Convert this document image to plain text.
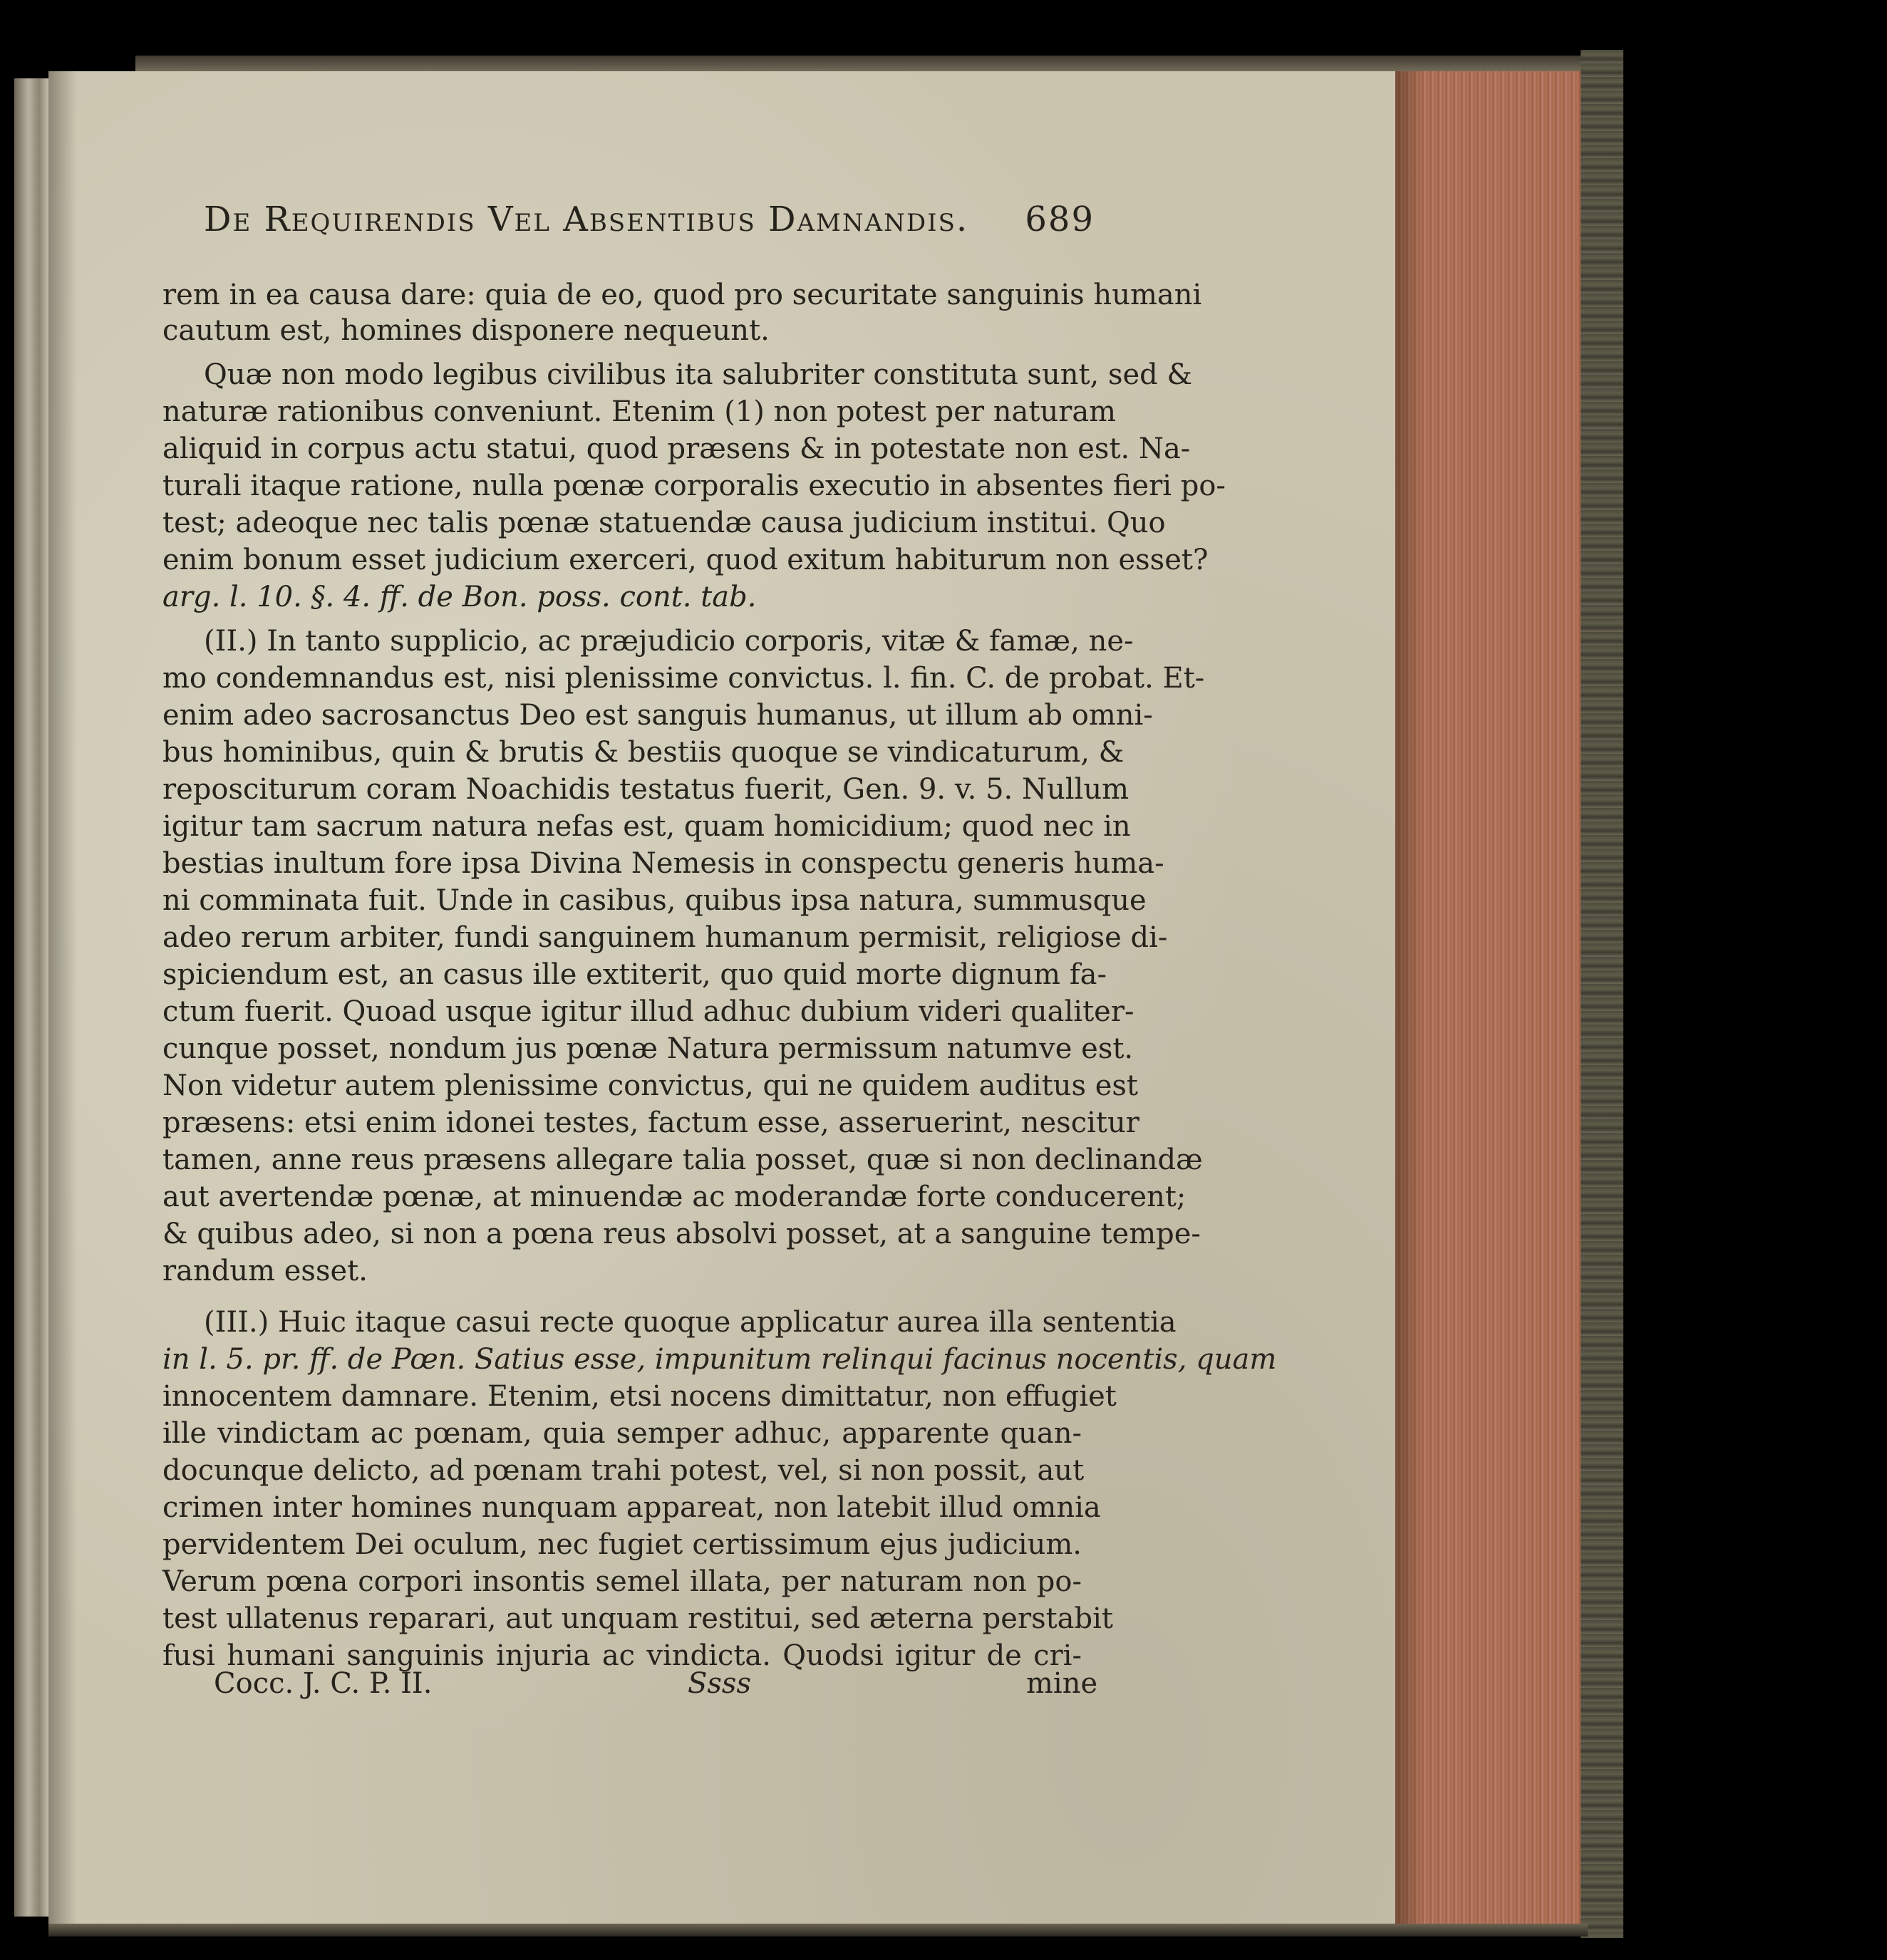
De Requirendis Vel Absentibus Damnandis. 689
rem in ea causa dare: quia de eo, quod pro securitate sanguinis humani
cautum est, homines disponere nequeunt.
Quæ non modo legibus civilibus ita salubriter constituta sunt, sed &
naturæ rationibus conveniunt. Etenim (1) non potest per naturam
aliquid in corpus actu statui, quod præsens & in potestate non est. Na-
turali itaque ratione, nulla pœnæ corporalis executio in absentes fieri po-
test; adeoque nec talis pœnæ statuendæ causa judicium institui. Quo
enim bonum esset judicium exerceri, quod exitum habiturum non esset?
arg. l. 10. §. 4. ff. de Bon. poss. cont. tab.
(II.) In tanto supplicio, ac præjudicio corporis, vitæ & famæ, ne-
mo condemnandus est, nisi plenissime convictus. l. fin. C. de probat. Et-
enim adeo sacrosanctus Deo est sanguis humanus, ut illum ab omni-
bus hominibus, quin & brutis & bestiis quoque se vindicaturum, &
reposciturum coram Noachidis testatus fuerit, Gen. 9. v. 5. Nullum
igitur tam sacrum natura nefas est, quam homicidium; quod nec in
bestias inultum fore ipsa Divina Nemesis in conspectu generis huma-
ni comminata fuit. Unde in casibus, quibus ipsa natura, summusque
adeo rerum arbiter, fundi sanguinem humanum permisit, religiose di-
spiciendum est, an casus ille extiterit, quo quid morte dignum fa-
ctum fuerit. Quoad usque igitur illud adhuc dubium videri qualiter-
cunque posset, nondum jus pœnæ Natura permissum natumve est.
Non videtur autem plenissime convictus, qui ne quidem auditus est
præsens: etsi enim idonei testes, factum esse, asseruerint, nescitur
tamen, anne reus præsens allegare talia posset, quæ si non declinandæ
aut avertendæ pœnæ, at minuendæ ac moderandæ forte conducerent;
& quibus adeo, si non a pœna reus absolvi posset, at a sanguine tempe-
randum esset.
(III.) Huic itaque casui recte quoque applicatur aurea illa sententia
in l. 5. pr. ff. de Pœn. Satius esse, impunitum relinqui facinus nocentis, quam
innocentem damnare. Etenim, etsi nocens dimittatur, non effugiet
ille vindictam ac pœnam, quia semper adhuc, apparente quan-
docunque delicto, ad pœnam trahi potest, vel, si non possit, aut
crimen inter homines nunquam appareat, non latebit illud omnia
pervidentem Dei oculum, nec fugiet certissimum ejus judicium.
Verum pœna corpori insontis semel illata, per naturam non po-
test ullatenus reparari, aut unquam restitui, sed æterna perstabit
fusi humani sanguinis injuria ac vindicta. Quodsi igitur de cri-
Cocc. J. C. P. II.	Ssss	mine
